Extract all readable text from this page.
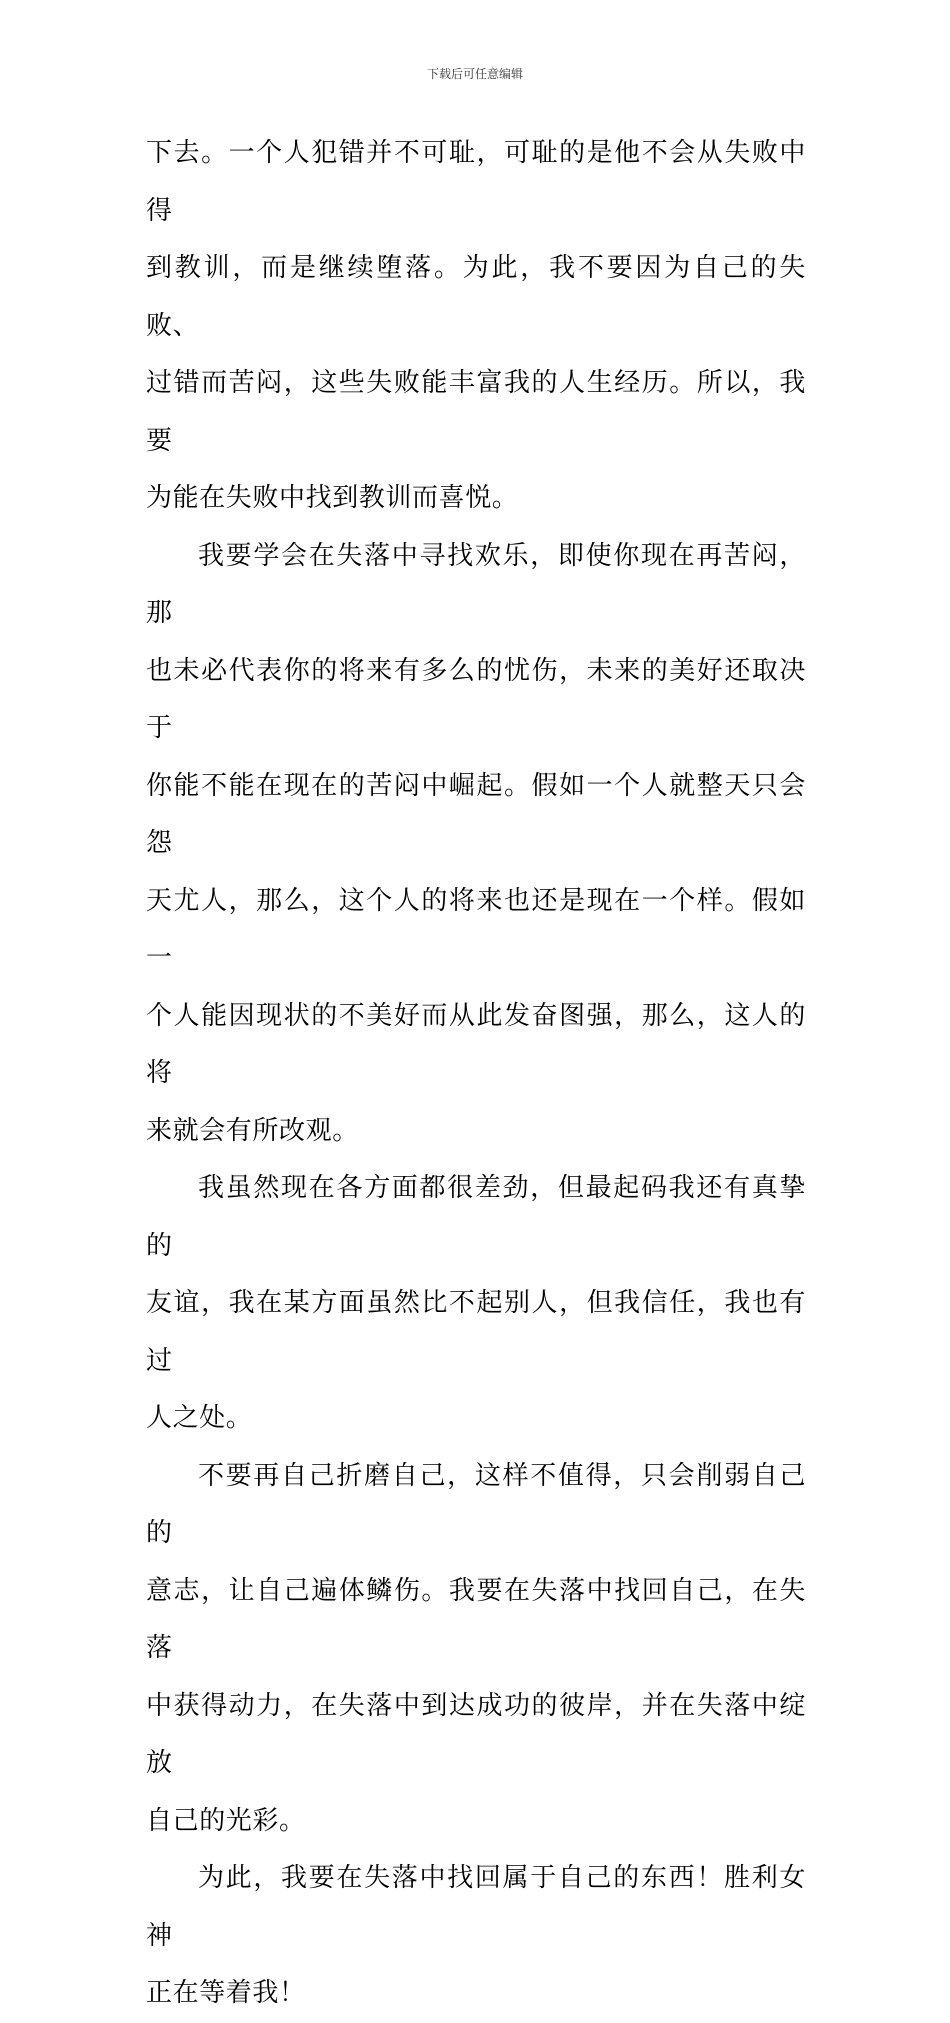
下载后可任意编辑

下去。一个人犯错并不可耻，可耻的是他不会从失败中得
到教训，而是继续堕落。为此，我不要因为自己的失败、
过错而苦闷，这些失败能丰富我的人生经历。所以，我要
为能在失败中找到教训而喜悦。

我要学会在失落中寻找欢乐，即使你现在再苦闷，那
也未必代表你的将来有多么的忧伤，未来的美好还取决于
你能不能在现在的苦闷中崛起。假如一个人就整天只会怨
天尤人，那么，这个人的将来也还是现在一个样。假如一
个人能因现状的不美好而从此发奋图强，那么，这人的将
来就会有所改观。

我虽然现在各方面都很差劲，但最起码我还有真挚的
友谊，我在某方面虽然比不起别人，但我信任，我也有过
人之处。

不要再自己折磨自己，这样不值得，只会削弱自己的
意志，让自己遍体鳞伤。我要在失落中找回自己，在失落
中获得动力，在失落中到达成功的彼岸，并在失落中绽放
自己的光彩。

为此，我要在失落中找回属于自己的东西！胜利女神
正在等着我！
